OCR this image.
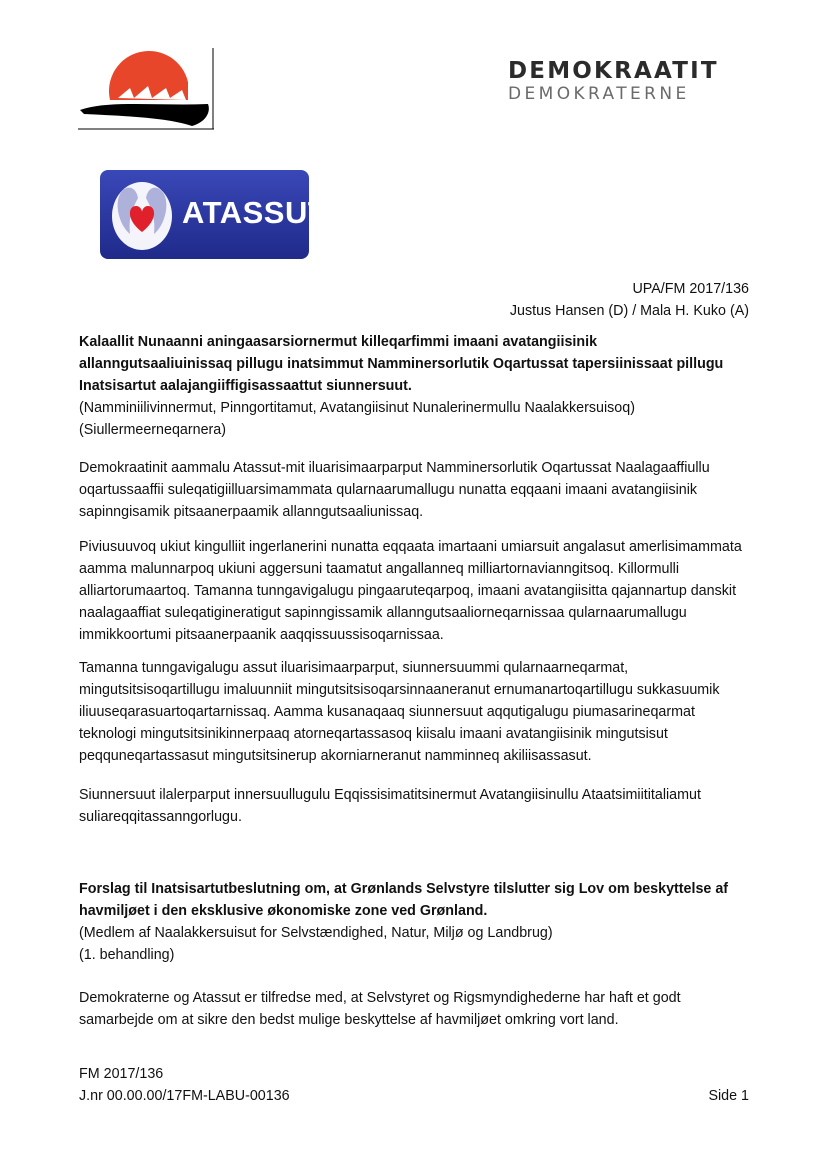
DEMOKRAATIT
DEMOKRATERNE
ATASSUT
UPA/FM 2017/136
Justus Hansen (D) / Mala H. Kuko (A)

Kalaallit Nunaanni aningaasarsiornermut killeqarfimmi imaani avatangiisinik allanngutsaaliuinissaq pillugu inatsimmut Namminersorlutik Oqartussat tapersiinissaat pillugu Inatsisartut aalajangiiffigisassaattut siunnersuut.

(Namminiilivinnermut, Pinngortitamut, Avatangiisinut Nunalerinermullu Naalakkersuisoq)

(Siullermeerneqarnera)

Demokraatinit aammalu Atassut-mit iluarisimaarparput Namminersorlutik Oqartussat Naalagaaffiullu oqartussaaffii suleqatigiilluarsimammata qularnaarumallugu nunatta eqqaani imaani avatangiisinik sapinngisamik pitsaanerpaamik allanngutsaaliunissaq.

Piviusuuvoq ukiut kingulliit ingerlanerini nunatta eqqaata imartaani umiarsuit angalasut amerlisimammata aamma malunnarpoq ukiuni aggersuni taamatut angallanneq milliartornavianngitsoq. Killormulli alliartorumaartoq. Tamanna tunngavigalugu pingaaruteqarpoq, imaani avatangiisitta qajannartup danskit naalagaaffiat suleqatigineratigut sapinngissamik allanngutsaaliorneqarnissaa qularnaarumallugu immikkoortumi pitsaanerpaanik aaqqissuussisoqarnissaa.

Tamanna tunngavigalugu assut iluarisimaarparput, siunnersuummi qularnaarneqarmat, mingutsitsisoqartillugu imaluunniit mingutsitsisoqarsinnaaneranut ernumanartoqartillugu sukkasuumik iliuuseqarasuartoqartarnissaq. Aamma kusanaqaaq siunnersuut aqqutigalugu piumasarineqarmat teknologi mingutsitsinikinnerpaaq atorneqartassasoq kiisalu imaani avatangiisinik mingutsisut peqquneqartassasut mingutsitsinerup akorniarneranut namminneq akiliisassasut.

Siunnersuut ilalerparput innersuullugulu Eqqissisimatitsinermut Avatangiisinullu Ataatsimiititaliamut suliareqqitassanngorlugu.

Forslag til Inatsisartutbeslutning om, at Grønlands Selvstyre tilslutter sig Lov om beskyttelse af havmiljøet i den eksklusive økonomiske zone ved Grønland.

(Medlem af Naalakkersuisut for Selvstændighed, Natur, Miljø og Landbrug)

(1. behandling)

Demokraterne og Atassut er tilfredse med, at Selvstyret og Rigsmyndighederne har haft et godt samarbejde om at sikre den bedst mulige beskyttelse af havmiljøet omkring vort land.

FM 2017/136
J.nr 00.00.00/17FM-LABU-00136	Side 1
